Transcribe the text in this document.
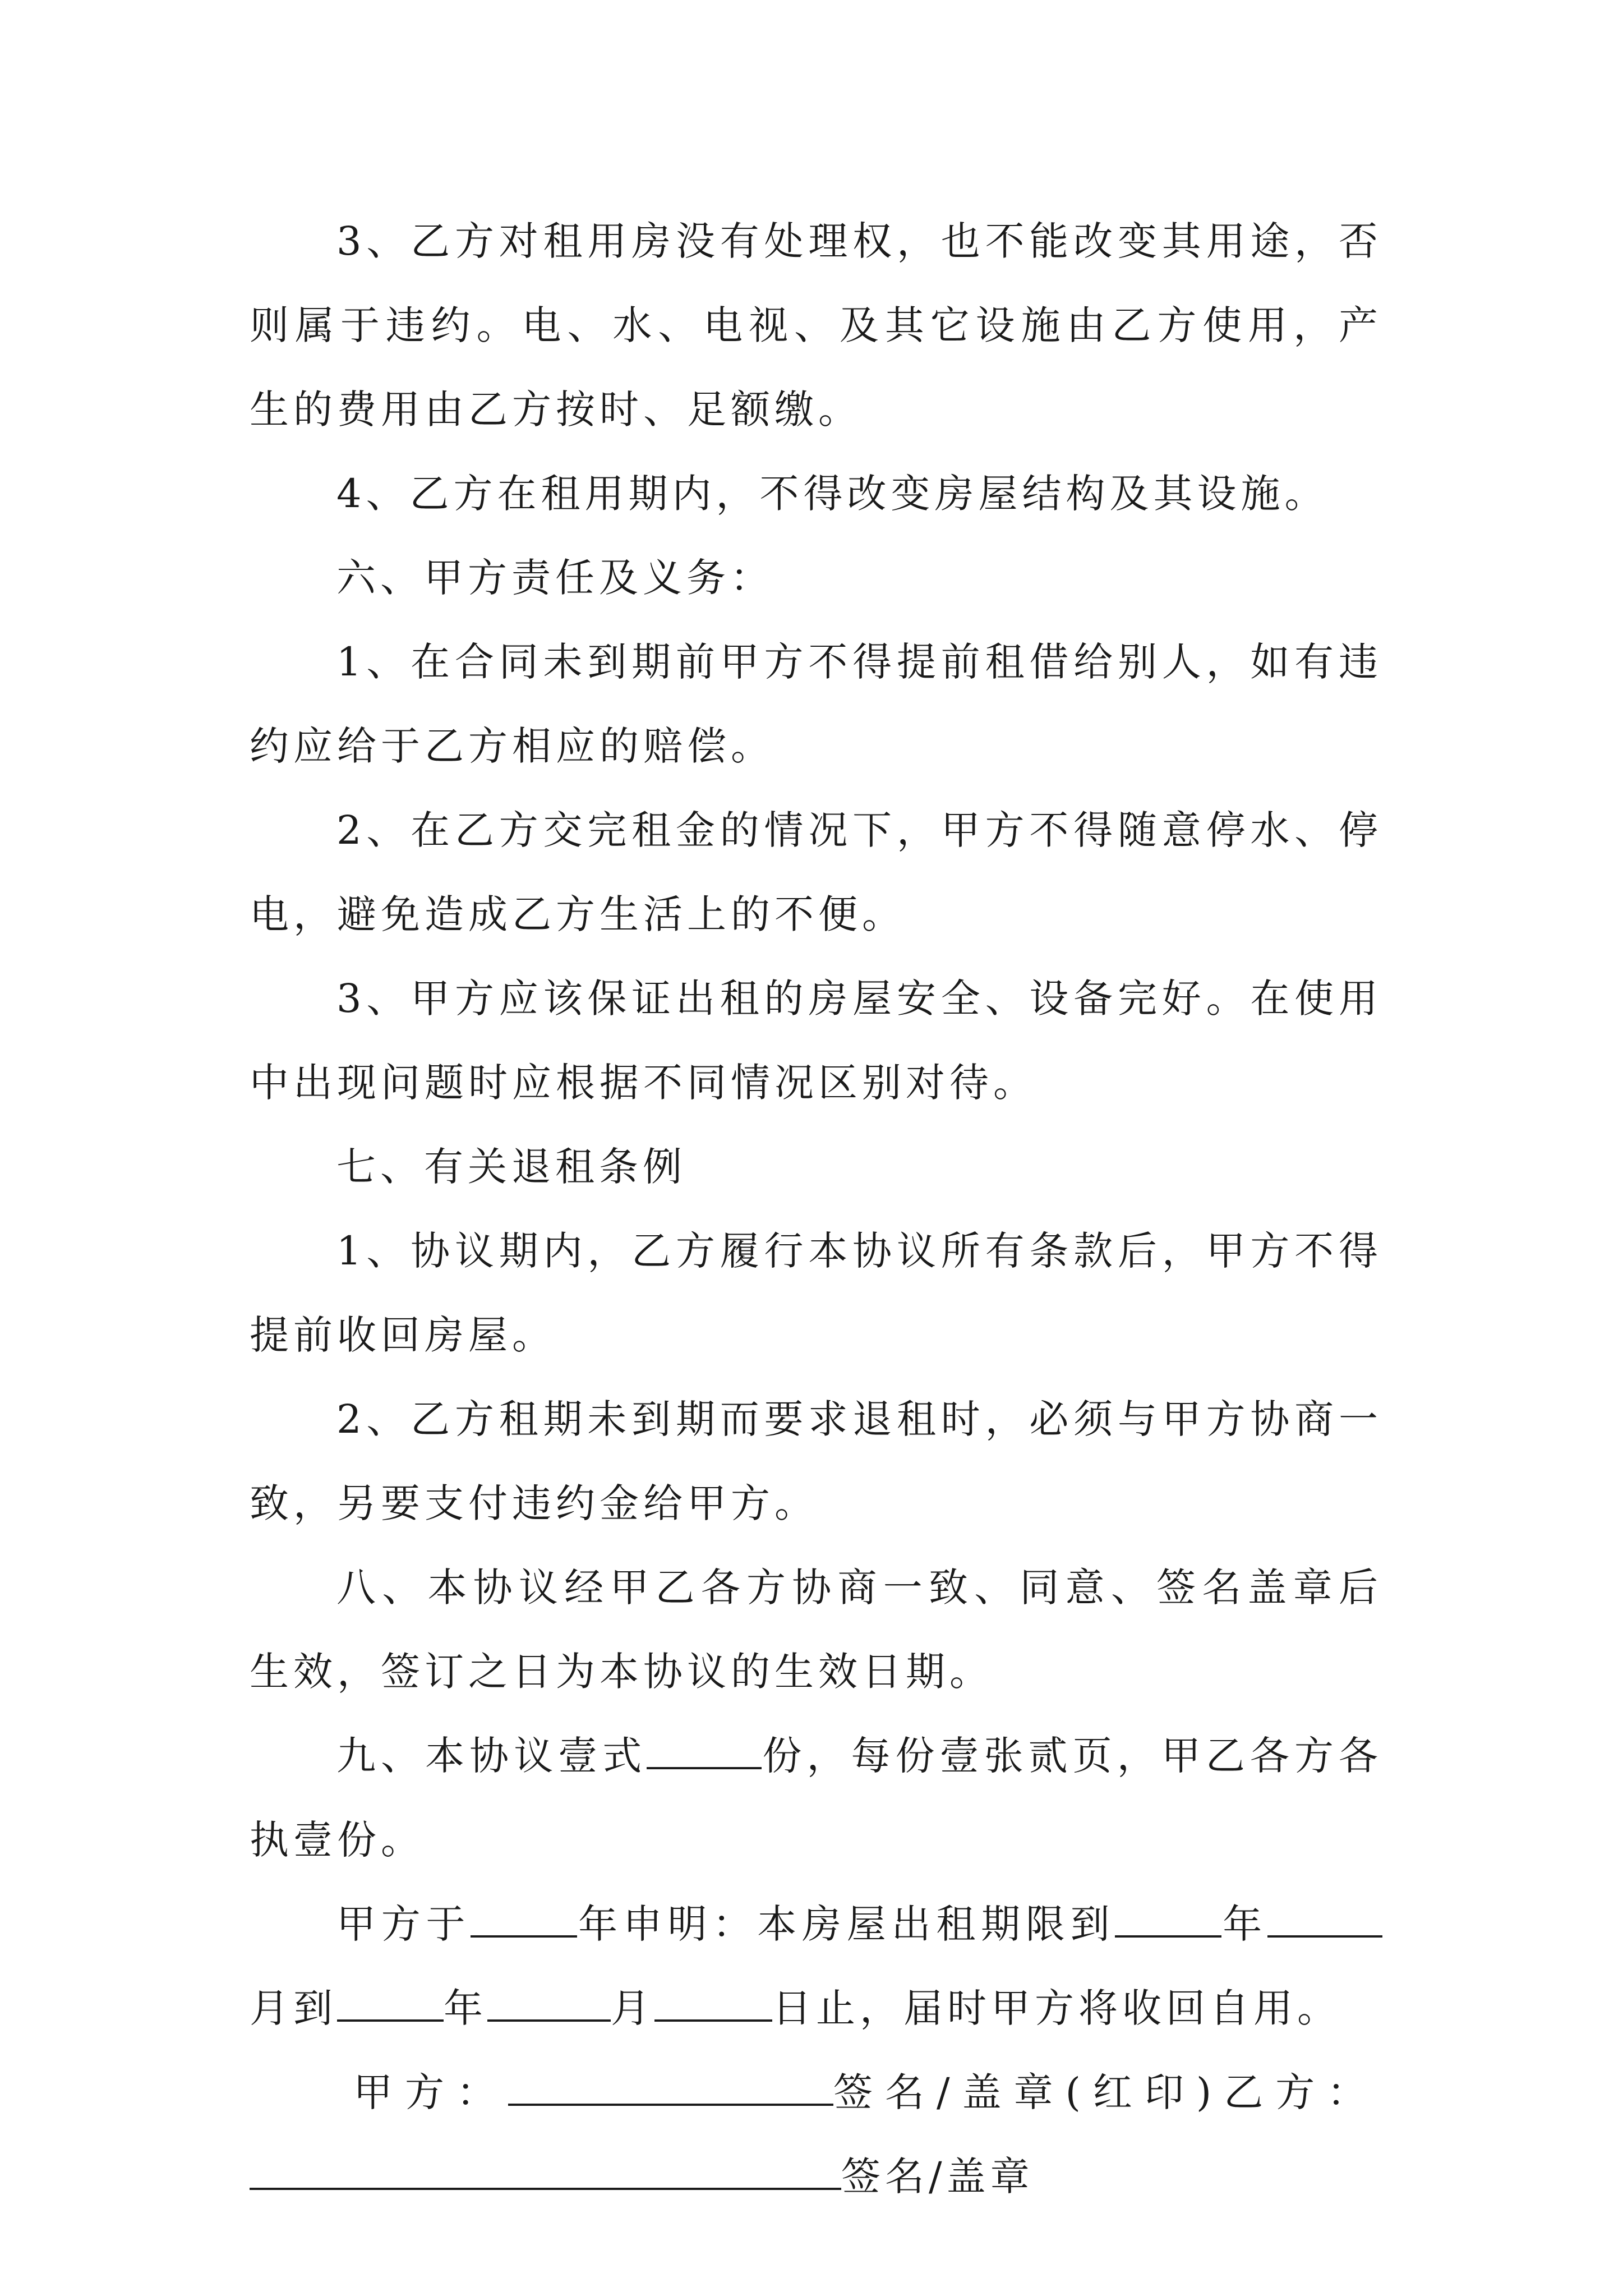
3、乙方对租用房没有处理权，也不能改变其用途，否则属于违约。电、水、电视、及其它设施由乙方使用，产生的费用由乙方按时、足额缴。

4、乙方在租用期内，不得改变房屋结构及其设施。

六、甲方责任及义务：

1、在合同未到期前甲方不得提前租借给别人，如有违约应给于乙方相应的赔偿。

2、在乙方交完租金的情况下，甲方不得随意停水、停电，避免造成乙方生活上的不便。

3、甲方应该保证出租的房屋安全、设备完好。在使用中出现问题时应根据不同情况区别对待。

七、有关退租条例

1、协议期内，乙方履行本协议所有条款后，甲方不得提前收回房屋。

2、乙方租期未到期而要求退租时，必须与甲方协商一致，另要支付违约金给甲方。

八、本协议经甲乙各方协商一致、同意、签名盖章后生效，签订之日为本协议的生效日期。

九、本协议壹式	份，每份壹张贰页，甲乙各方各执壹份。

甲方于	年申明：本房屋出租期限到	年月到	年	月	日止，届时甲方将收回自用。

甲方：	签名/盖章(红印)乙方：签名/盖章
